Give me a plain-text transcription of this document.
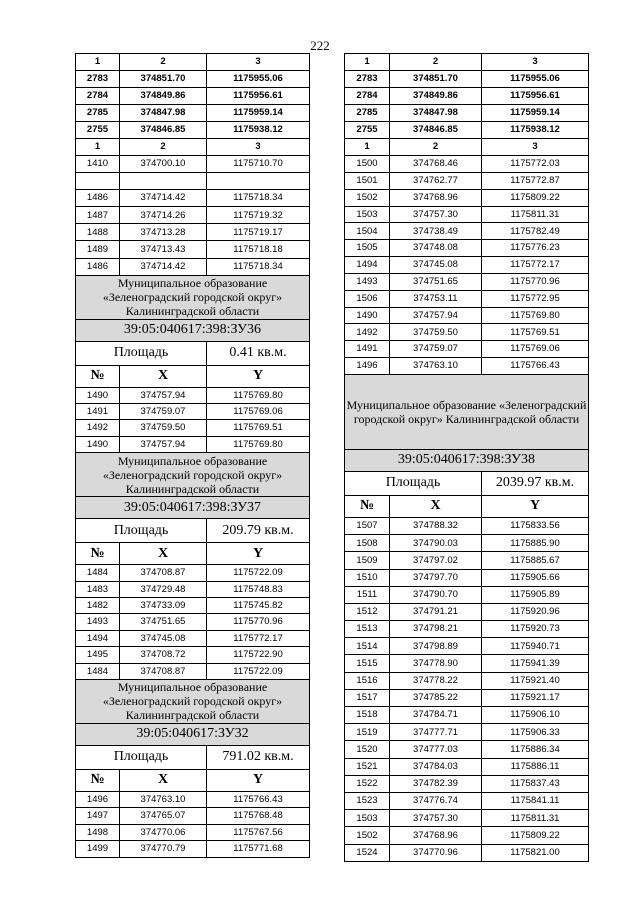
222
1	2	3
2783	374851.70	1175955.06
2784	374849.86	1175956.61
2785	374847.98	1175959.14
2755	374846.85	1175938.12
1	2	3
1410	374700.10	1175710.70

1486	374714.42	1175718.34
1487	374714.26	1175719.32
1488	374713.28	1175719.17
1489	374713.43	1175718.18
1486	374714.42	1175718.34
Муниципальное образование «Зеленоградский городской округ» Калининградской области		
39:05:040617:398:ЗУ36		
Площадь		0.41 кв.м.
№	X	Y
1490	374757.94	1175769.80
1491	374759.07	1175769.06
1492	374759.50	1175769.51
1490	374757.94	1175769.80
Муниципальное образование «Зеленоградский городской округ» Калининградской области		
39:05:040617:398:ЗУ37		
Площадь		209.79 кв.м.
№	X	Y
1484	374708.87	1175722.09
1483	374729.48	1175748.83
1482	374733.09	1175745.82
1493	374751.65	1175770.96
1494	374745.08	1175772.17
1495	374708.72	1175722.90
1484	374708.87	1175722.09
Муниципальное образование «Зеленоградский городской округ» Калининградской области		
39:05:040617:ЗУ32		
Площадь		791.02 кв.м.
№	X	Y
1496	374763.10	1175766.43
1497	374765.07	1175768.48
1498	374770.06	1175767.56
1499	374770.79	1175771.68
1	2	3
2783	374851.70	1175955.06
2784	374849.86	1175956.61
2785	374847.98	1175959.14
2755	374846.85	1175938.12
1	2	3
1500	374768.46	1175772.03
1501	374762.77	1175772.87
1502	374768.96	1175809.22
1503	374757.30	1175811.31
1504	374738.49	1175782.49
1505	374748.08	1175776.23
1494	374745.08	1175772.17
1493	374751.65	1175770.96
1506	374753.11	1175772.95
1490	374757.94	1175769.80
1492	374759.50	1175769.51
1491	374759.07	1175769.06
1496	374763.10	1175766.43
Муниципальное образование «Зеленоградский городской округ» Калининградской области		
39:05:040617:398:ЗУ38		
Площадь		2039.97 кв.м.
№	X	Y
1507	374788.32	1175833.56
1508	374790.03	1175885.90
1509	374797.02	1175885.67
1510	374797.70	1175905.66
1511	374790.70	1175905.89
1512	374791.21	1175920.96
1513	374798.21	1175920.73
1514	374798.89	1175940.71
1515	374778.90	1175941.39
1516	374778.22	1175921.40
1517	374785.22	1175921.17
1518	374784.71	1175906.10
1519	374777.71	1175906.33
1520	374777.03	1175886.34
1521	374784.03	1175886.11
1522	374782.39	1175837.43
1523	374776.74	1175841.11
1503	374757.30	1175811.31
1502	374768.96	1175809.22
1524	374770.96	1175821.00
